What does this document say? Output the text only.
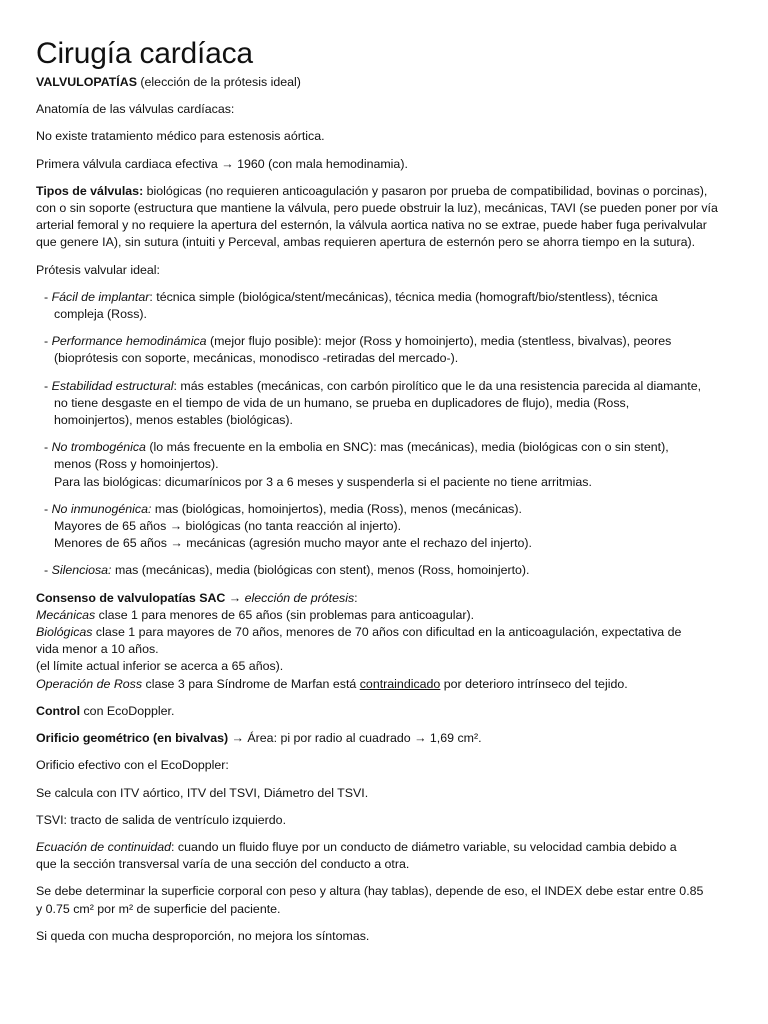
Cirugía cardíaca

VALVULOPATÍAS (elección de la prótesis ideal)

Anatomía de las válvulas cardíacas:

No existe tratamiento médico para estenosis aórtica.

Primera válvula cardiaca efectiva → 1960 (con mala hemodinamia).

Tipos de válvulas: biológicas (no requieren anticoagulación y pasaron por prueba de compatibilidad, bovinas o porcinas), con o sin soporte (estructura que mantiene la válvula, pero puede obstruir la luz), mecánicas, TAVI (se pueden poner por vía arterial femoral y no requiere la apertura del esternón, la válvula aortica nativa no se extrae, puede haber fuga perivalvular que genere IA), sin sutura (intuiti y Perceval, ambas requieren apertura de esternón pero se ahorra tiempo en la sutura).

Prótesis valvular ideal:

- Fácil de implantar: técnica simple (biológica/stent/mecánicas), técnica media (homograft/bio/stentless), técnica
compleja (Ross).
- Performance hemodinámica (mejor flujo posible): mejor (Ross y homoinjerto), media (stentless, bivalvas), peores
(bioprótesis con soporte, mecánicas, monodisco -retiradas del mercado-).
- Estabilidad estructural: más estables (mecánicas, con carbón pirolítico que le da una resistencia parecida al diamante,
no tiene desgaste en el tiempo de vida de un humano, se prueba en duplicadores de flujo), media (Ross,
homoinjertos), menos estables (biológicas).
- No trombogénica (lo más frecuente en la embolia en SNC): mas (mecánicas), media (biológicas con o sin stent),
menos (Ross y homoinjertos).
Para las biológicas: dicumarínicos por 3 a 6 meses y suspenderla si el paciente no tiene arritmias.
- No inmunogénica: mas (biológicas, homoinjertos), media (Ross), menos (mecánicas).
Mayores de 65 años → biológicas (no tanta reacción al injerto).
Menores de 65 años → mecánicas (agresión mucho mayor ante el rechazo del injerto).
- Silenciosa: mas (mecánicas), media (biológicas con stent), menos (Ross, homoinjerto).

Consenso de valvulopatías SAC → elección de prótesis:
Mecánicas clase 1 para menores de 65 años (sin problemas para anticoagular).
Biológicas clase 1 para mayores de 70 años, menores de 70 años con dificultad en la anticoagulación, expectativa de
vida menor a 10 años.
(el límite actual inferior se acerca a 65 años).
Operación de Ross clase 3 para Síndrome de Marfan está contraindicado por deterioro intrínseco del tejido.

Control con EcoDoppler.

Orificio geométrico (en bivalvas) → Área: pi por radio al cuadrado → 1,69 cm².

Orificio efectivo con el EcoDoppler:

Se calcula con ITV aórtico, ITV del TSVI, Diámetro del TSVI.

TSVI: tracto de salida de ventrículo izquierdo.

Ecuación de continuidad: cuando un fluido fluye por un conducto de diámetro variable, su velocidad cambia debido a
que la sección transversal varía de una sección del conducto a otra.

Se debe determinar la superficie corporal con peso y altura (hay tablas), depende de eso, el INDEX debe estar entre 0.85
y 0.75 cm² por m² de superficie del paciente.

Si queda con mucha desproporción, no mejora los síntomas.
